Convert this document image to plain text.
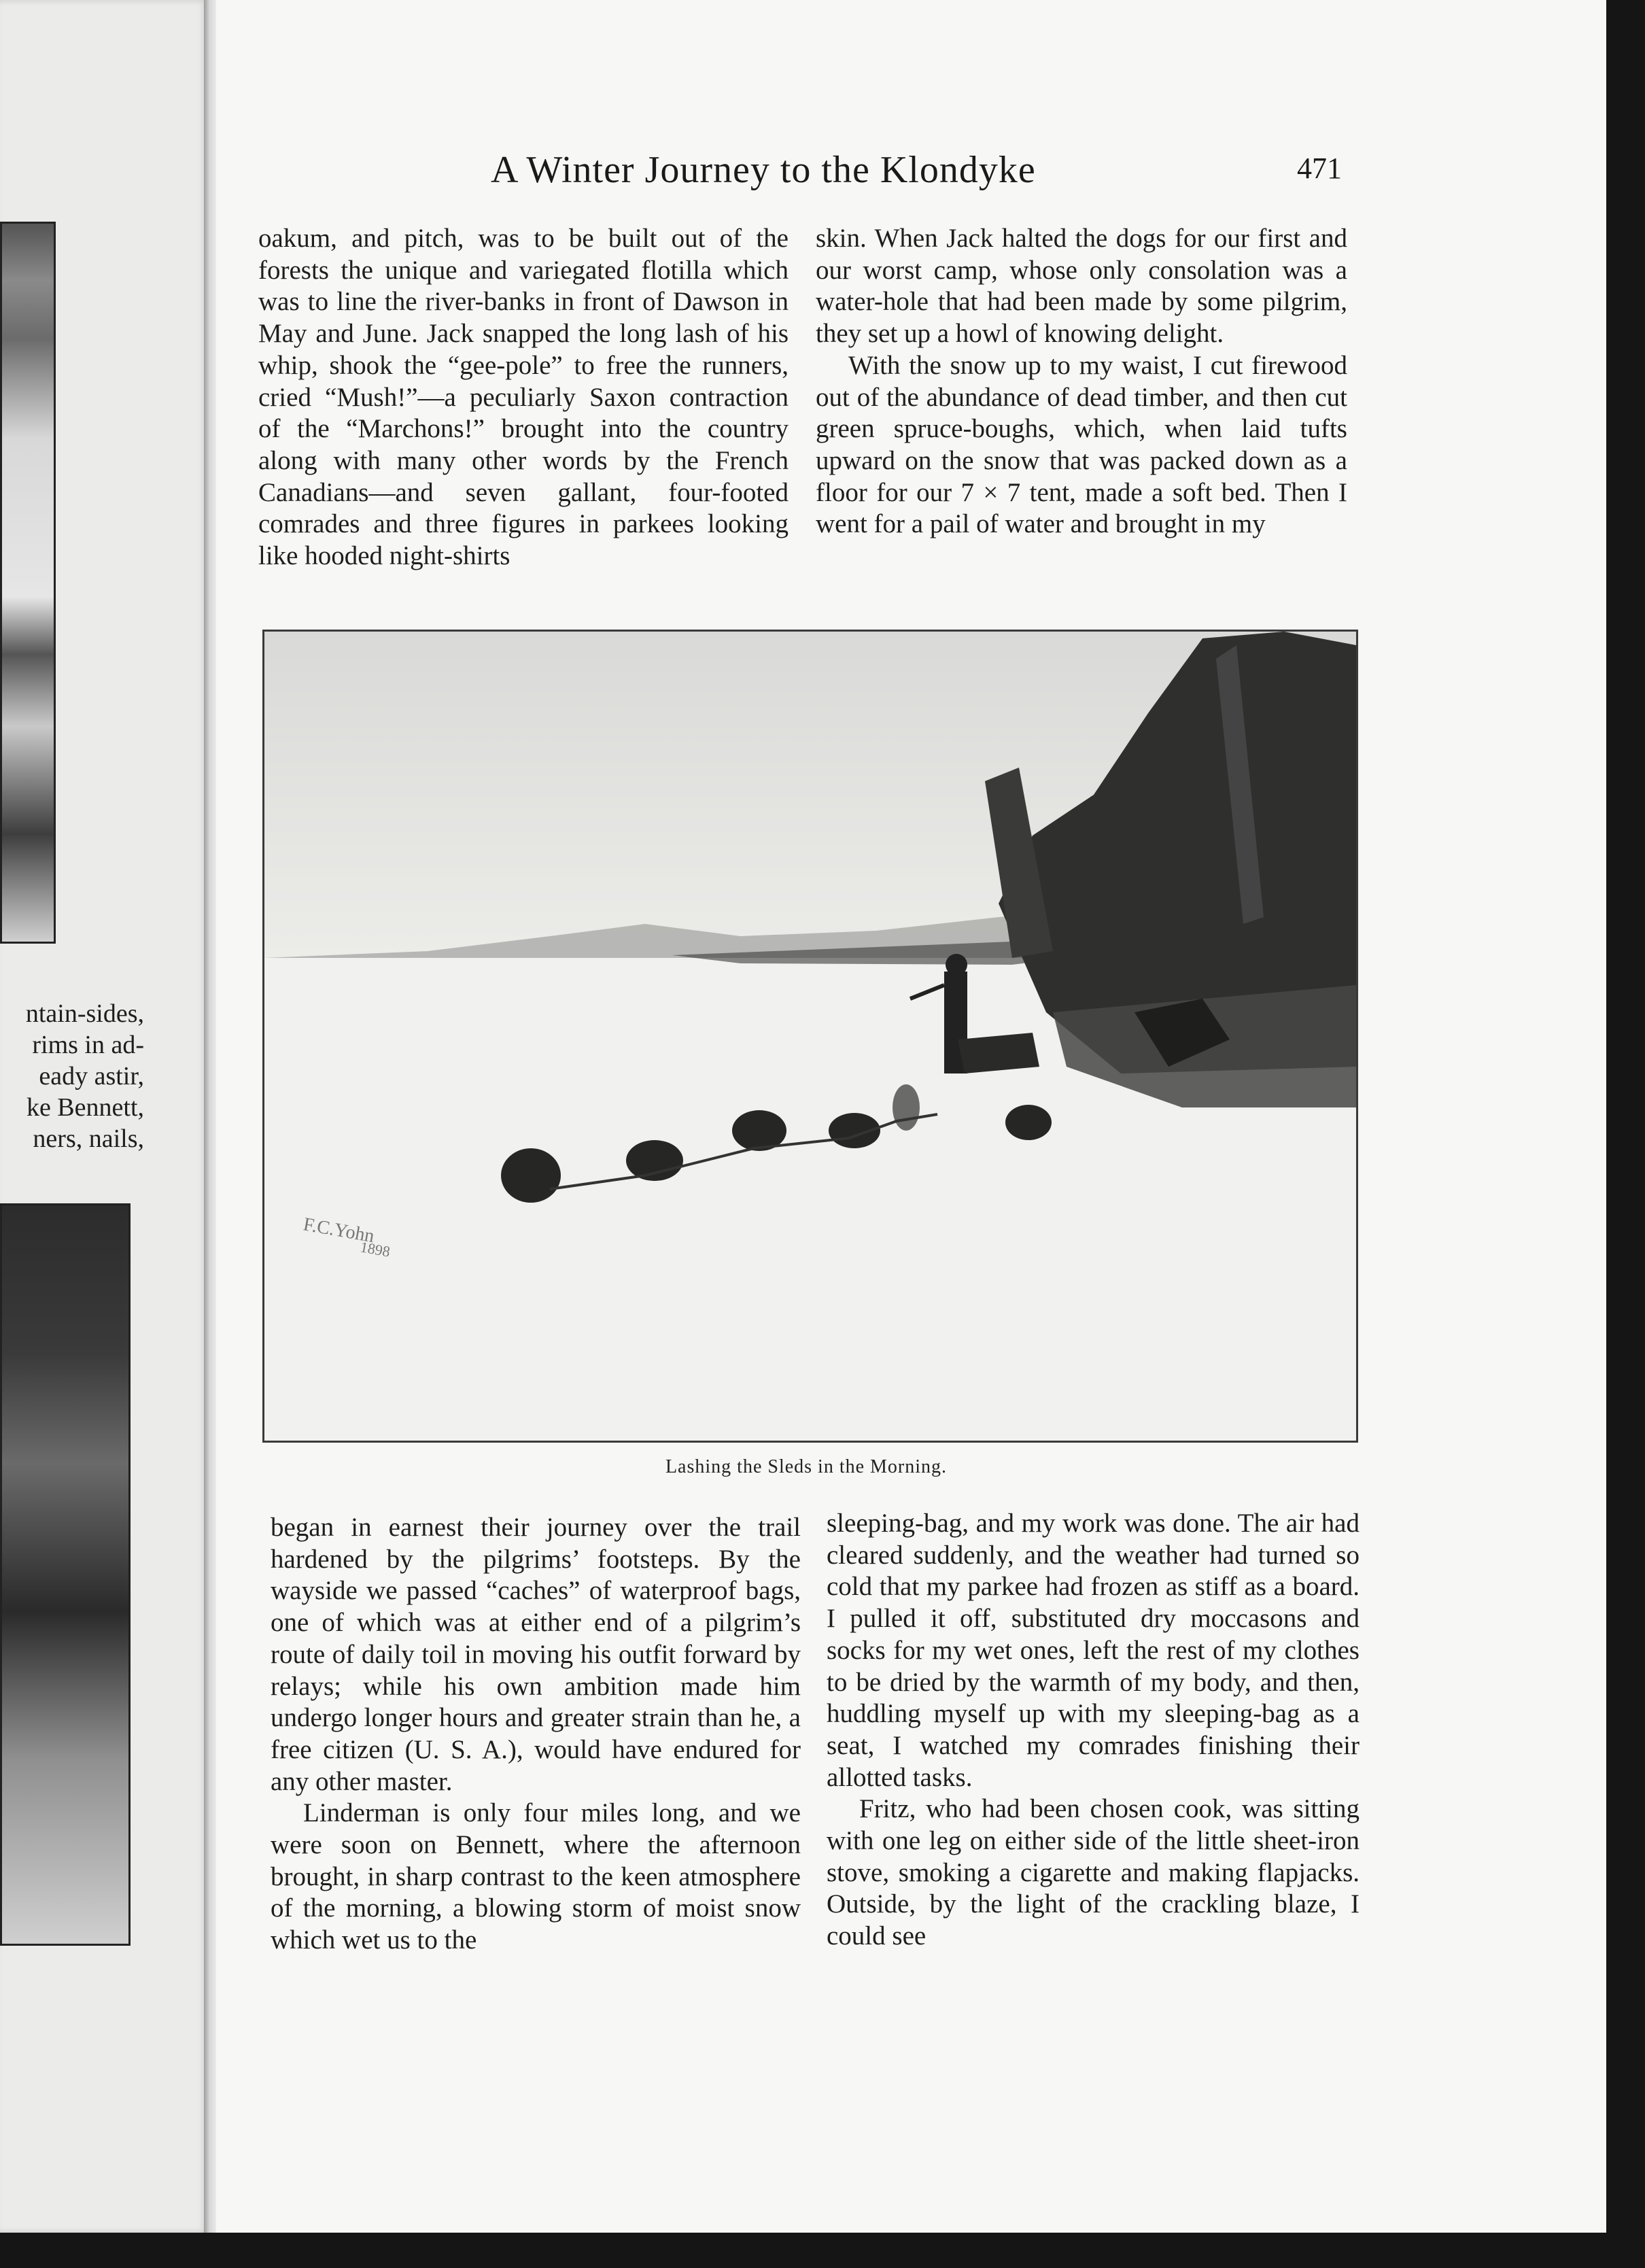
ntain-sides,
rims in ad-
eady astir,
ke Bennett,
ners, nails,
A Winter Journey to the Klondyke	471

oakum, and pitch, was to be built out of the forests the unique and variegated flotilla which was to line the river-banks in front of Dawson in May and June. Jack snapped the long lash of his whip, shook the “gee-pole” to free the runners, cried “Mush!”—a peculiarly Saxon contraction of the “Marchons!” brought into the country along with many other words by the French Canadians—and seven gallant, four-footed comrades and three figures in parkees looking like hooded night-shirts

skin. When Jack halted the dogs for our first and our worst camp, whose only consolation was a water-hole that had been made by some pilgrim, they set up a howl of knowing delight.

With the snow up to my waist, I cut firewood out of the abundance of dead timber, and then cut green spruce-boughs, which, when laid tufts upward on the snow that was packed down as a floor for our 7 × 7 tent, made a soft bed. Then I went for a pail of water and brought in my

F.C.Yohn
1898
Lashing the Sleds in the Morning.

began in earnest their journey over the trail hardened by the pilgrims’ footsteps. By the wayside we passed “caches” of waterproof bags, one of which was at either end of a pilgrim’s route of daily toil in moving his outfit forward by relays; while his own ambition made him undergo longer hours and greater strain than he, a free citizen (U. S. A.), would have endured for any other master.

Linderman is only four miles long, and we were soon on Bennett, where the afternoon brought, in sharp contrast to the keen atmosphere of the morning, a blowing storm of moist snow which wet us to the

sleeping-bag, and my work was done. The air had cleared suddenly, and the weather had turned so cold that my parkee had frozen as stiff as a board. I pulled it off, substituted dry moccasons and socks for my wet ones, left the rest of my clothes to be dried by the warmth of my body, and then, huddling myself up with my sleeping-bag as a seat, I watched my comrades finishing their allotted tasks.

Fritz, who had been chosen cook, was sitting with one leg on either side of the little sheet-iron stove, smoking a cigarette and making flapjacks. Outside, by the light of the crackling blaze, I could see
